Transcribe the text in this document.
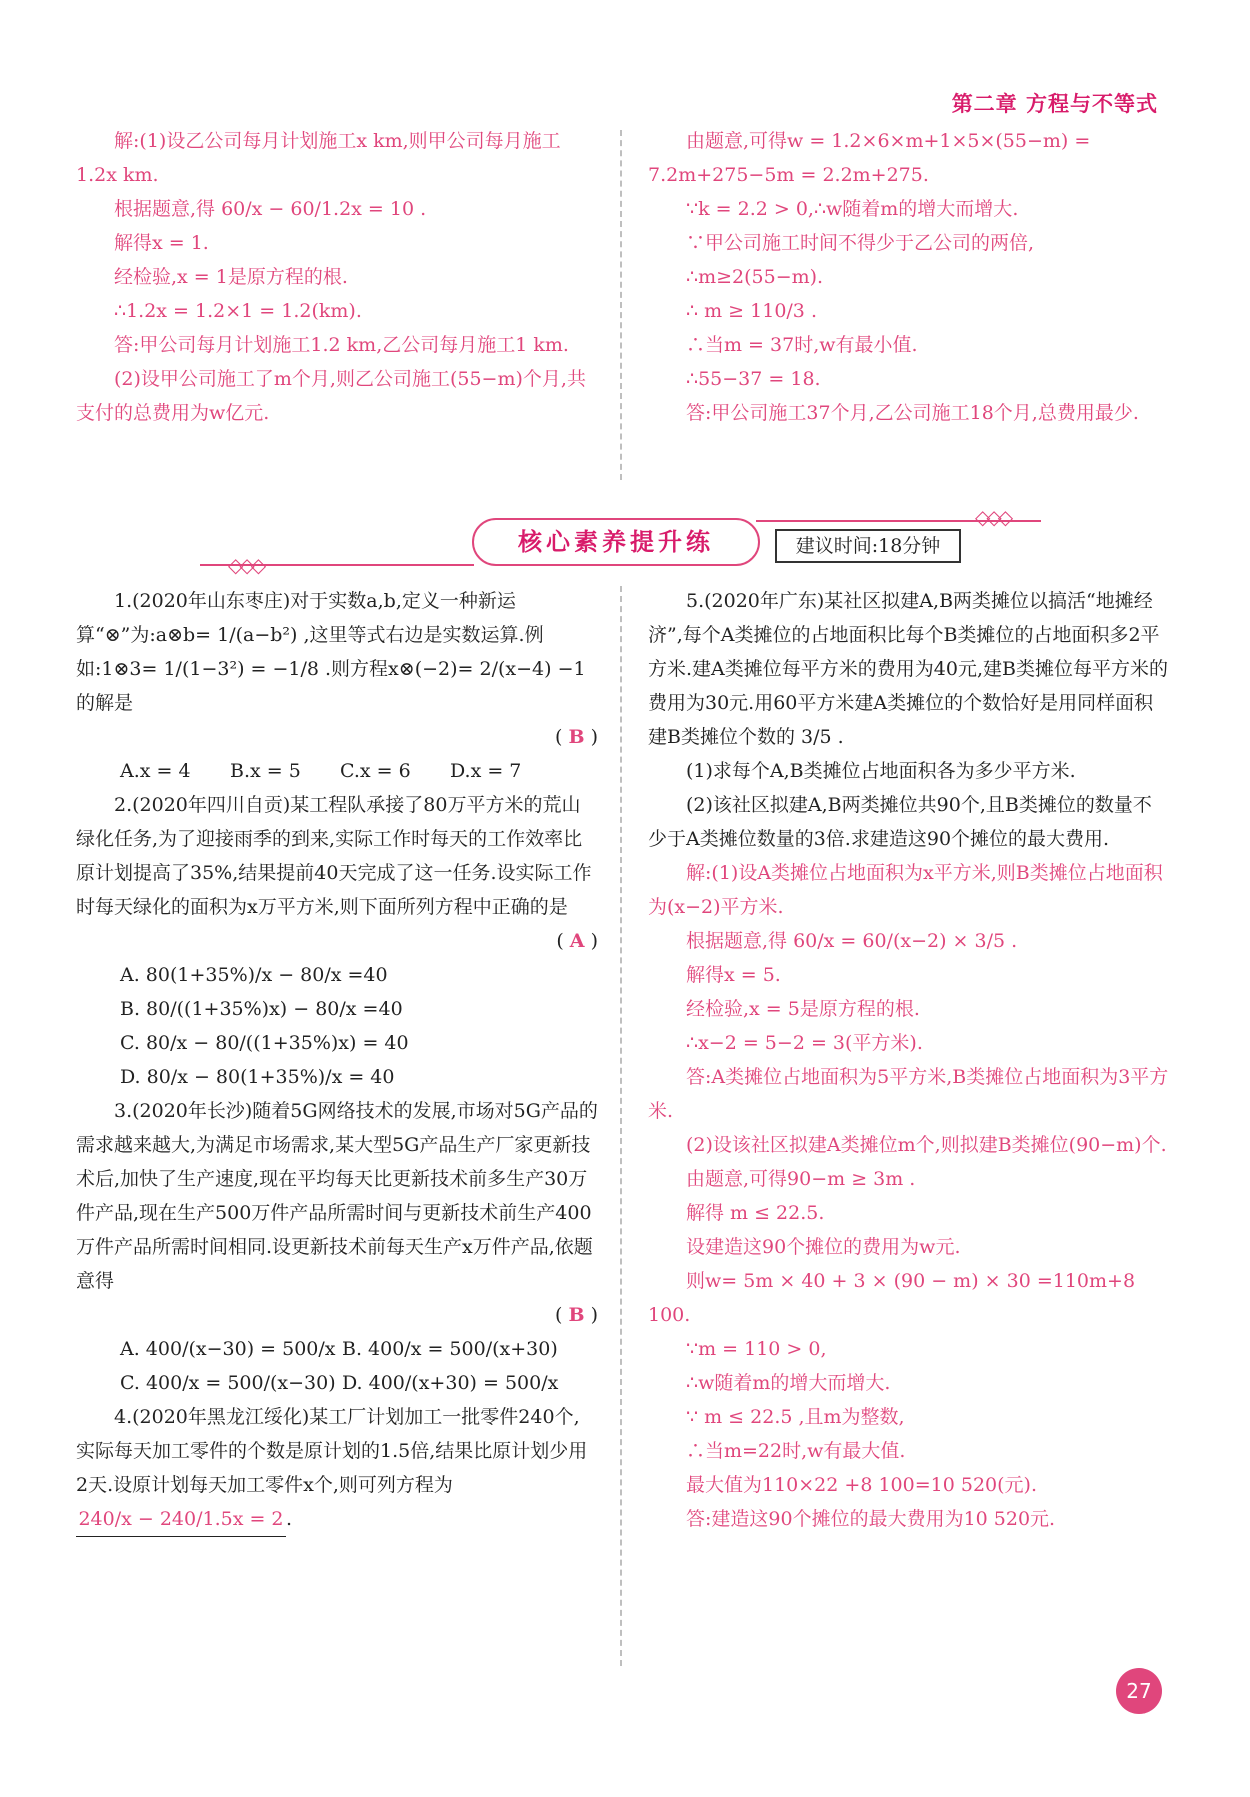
第二章 方程与不等式

解:(1)设乙公司每月计划施工x km,则甲公司每月施工1.2x km.

根据题意,得 60/x − 60/1.2x = 10 .

解得x = 1.

经检验,x = 1是原方程的根.

∴1.2x = 1.2×1 = 1.2(km).

答:甲公司每月计划施工1.2 km,乙公司每月施工1 km.

(2)设甲公司施工了m个月,则乙公司施工(55−m)个月,共支付的总费用为w亿元.

由题意,可得w = 1.2×6×m+1×5×(55−m) = 7.2m+275−5m = 2.2m+275.

∵k = 2.2 > 0,∴w随着m的增大而增大.

∵甲公司施工时间不得少于乙公司的两倍,

∴m≥2(55−m).

∴ m ≥ 110/3 .

∴当m = 37时,w有最小值.

∴55−37 = 18.

答:甲公司施工37个月,乙公司施工18个月,总费用最少.

◇◇◇
◇◇◇
核心素养提升练	建议时间:18分钟

1.(2020年山东枣庄)对于实数a,b,定义一种新运算“⊗”为:a⊗b= 1/(a−b²) ,这里等式右边是实数运算.例如:1⊗3= 1/(1−3²) = −1/8 .则方程x⊗(−2)= 2/(x−4) −1 的解是

( B )

A.x = 4	B.x = 5	C.x = 6	D.x = 7

2.(2020年四川自贡)某工程队承接了80万平方米的荒山绿化任务,为了迎接雨季的到来,实际工作时每天的工作效率比原计划提高了35%,结果提前40天完成了这一任务.设实际工作时每天绿化的面积为x万平方米,则下面所列方程中正确的是

( A )

A. 80(1+35%)/x − 80/x =40
B. 80/((1+35%)x) − 80/x =40
C. 80/x − 80/((1+35%)x) = 40
D. 80/x − 80(1+35%)/x = 40

3.(2020年长沙)随着5G网络技术的发展,市场对5G产品的需求越来越大,为满足市场需求,某大型5G产品生产厂家更新技术后,加快了生产速度,现在平均每天比更新技术前多生产30万件产品,现在生产500万件产品所需时间与更新技术前生产400万件产品所需时间相同.设更新技术前每天生产x万件产品,依题意得

( B )

A. 400/(x−30) = 500/x B. 400/x = 500/(x+30)
C. 400/x = 500/(x−30) D. 400/(x+30) = 500/x

4.(2020年黑龙江绥化)某工厂计划加工一批零件240个,实际每天加工零件的个数是原计划的1.5倍,结果比原计划少用2天.设原计划每天加工零件x个,则可列方程为

240/x − 240/1.5x = 2 .

5.(2020年广东)某社区拟建A,B两类摊位以搞活“地摊经济”,每个A类摊位的占地面积比每个B类摊位的占地面积多2平方米.建A类摊位每平方米的费用为40元,建B类摊位每平方米的费用为30元.用60平方米建A类摊位的个数恰好是用同样面积建B类摊位个数的 3/5 .

(1)求每个A,B类摊位占地面积各为多少平方米.

(2)该社区拟建A,B两类摊位共90个,且B类摊位的数量不少于A类摊位数量的3倍.求建造这90个摊位的最大费用.

解:(1)设A类摊位占地面积为x平方米,则B类摊位占地面积为(x−2)平方米.

根据题意,得 60/x = 60/(x−2) × 3/5 .

解得x = 5.

经检验,x = 5是原方程的根.

∴x−2 = 5−2 = 3(平方米).

答:A类摊位占地面积为5平方米,B类摊位占地面积为3平方米.

(2)设该社区拟建A类摊位m个,则拟建B类摊位(90−m)个.

由题意,可得90−m ≥ 3m .

解得 m ≤ 22.5.

设建造这90个摊位的费用为w元.

则w= 5m × 40 + 3 × (90 − m) × 30 =110m+8 100.

∵m = 110 > 0,

∴w随着m的增大而增大.

∵ m ≤ 22.5 ,且m为整数,

∴当m=22时,w有最大值.

最大值为110×22 +8 100=10 520(元).

答:建造这90个摊位的最大费用为10 520元.

27
